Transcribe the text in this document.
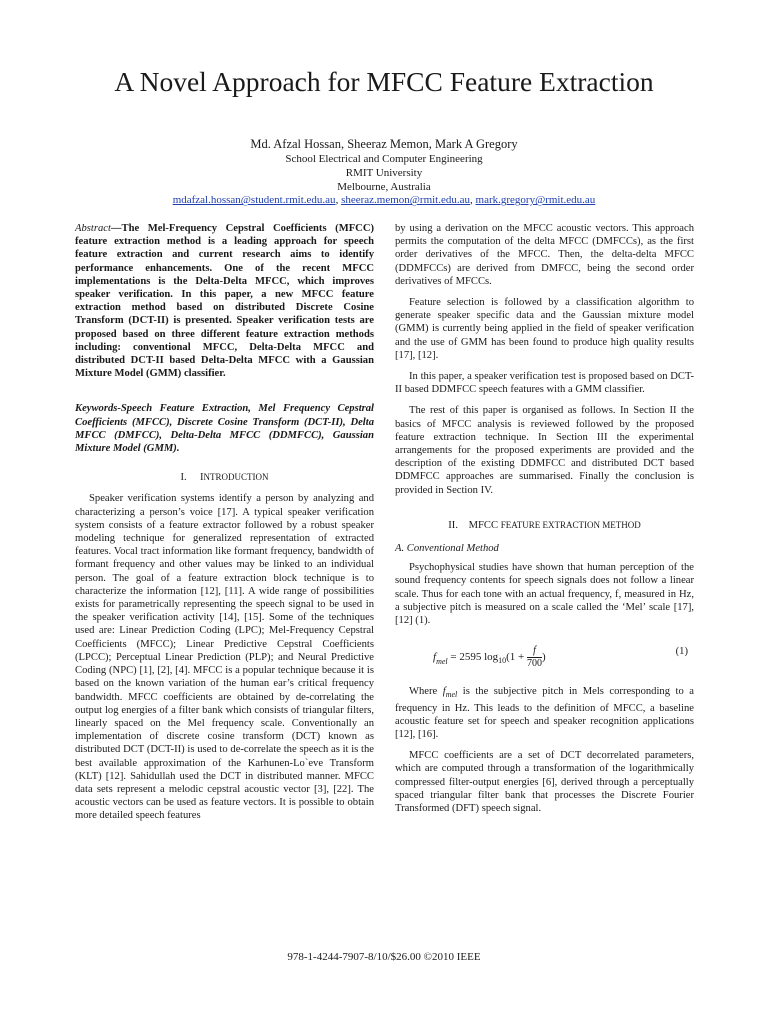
A Novel Approach for MFCC Feature Extraction
Md. Afzal Hossan, Sheeraz Memon, Mark A Gregory
School Electrical and Computer Engineering
RMIT University
Melbourne, Australia
mdafzal.hossan@student.rmit.edu.au, sheeraz.memon@rmit.edu.au, mark.gregory@rmit.edu.au

Abstract—The Mel-Frequency Cepstral Coefficients (MFCC) feature extraction method is a leading approach for speech feature extraction and current research aims to identify performance enhancements. One of the recent MFCC implementations is the Delta-Delta MFCC, which improves speaker verification. In this paper, a new MFCC feature extraction method based on distributed Discrete Cosine Transform (DCT-II) is presented. Speaker verification tests are proposed based on three different feature extraction methods including: conventional MFCC, Delta-Delta MFCC and distributed DCT-II based Delta-Delta MFCC with a Gaussian Mixture Model (GMM) classifier.

Keywords-Speech Feature Extraction, Mel Frequency Cepstral Coefficients (MFCC), Discrete Cosine Transform (DCT-II), Delta MFCC (DMFCC), Delta-Delta MFCC (DDMFCC), Gaussian Mixture Model (GMM).

I. INTRODUCTION

Speaker verification systems identify a person by analyzing and characterizing a person’s voice [17]. A typical speaker verification system consists of a feature extractor followed by a robust speaker modeling technique for generalized representation of extracted features. Vocal tract information like formant frequency, bandwidth of formant frequency and other values may be linked to an individual person. The goal of a feature extraction block technique is to characterize the information [12], [11]. A wide range of possibilities exists for parametrically representing the speech signal to be used in the speaker verification activity [14], [15]. Some of the techniques used are: Linear Prediction Coding (LPC); Mel-Frequency Cepstral Coefficients (MFCC); Linear Predictive Cepstral Coefficients (LPCC); Perceptual Linear Prediction (PLP); and Neural Predictive Coding (NPC) [1], [2], [4]. MFCC is a popular technique because it is based on the known variation of the human ear’s critical frequency bandwidth. MFCC coefficients are obtained by de-correlating the output log energies of a filter bank which consists of triangular filters, linearly spaced on the Mel frequency scale. Conventionally an implementation of discrete cosine transform (DCT) known as distributed DCT (DCT-II) is used to de-correlate the speech as it is the best available approximation of the Karhunen-Lo`eve Transform (KLT) [12]. Sahidullah used the DCT in distributed manner. MFCC data sets represent a melodic cepstral acoustic vector [3], [22]. The acoustic vectors can be used as feature vectors. It is possible to obtain more detailed speech features

by using a derivation on the MFCC acoustic vectors. This approach permits the computation of the delta MFCC (DMFCCs), as the first order derivatives of the MFCC. Then, the delta-delta MFCC (DDMFCCs) are derived from DMFCC, being the second order derivatives of MFCCs.

Feature selection is followed by a classification algorithm to generate speaker specific data and the Gaussian mixture model (GMM) is currently being applied in the field of speaker verification and the use of GMM has been found to produce high quality results [17], [12].

In this paper, a speaker verification test is proposed based on DCT-II based DDMFCC speech features with a GMM classifier.

The rest of this paper is organised as follows. In Section II the basics of MFCC analysis is reviewed followed by the proposed feature extraction technique. In Section III the experimental arrangements for the proposed experiments are provided and the description of the existing DDMFCC and distributed DCT based DDMFCC approaches are summarised. Finally the conclusion is provided in Section IV.

II. MFCC FEATURE EXTRACTION METHOD

A. Conventional Method

Psychophysical studies have shown that human perception of the sound frequency contents for speech signals does not follow a linear scale. Thus for each tone with an actual frequency, f, measured in Hz, a subjective pitch is measured on a scale called the ‘Mel’ scale [17], [12] (1).

$f_{mel} = 2595$ $\log_{10}(1 + \frac{f}{700}$ )	(1)

Where $f_{mel}$ is the subjective pitch in Mels corresponding to a frequency in Hz. This leads to the definition of MFCC, a baseline acoustic feature set for speech and speaker recognition applications [12], [16].

MFCC coefficients are a set of DCT decorrelated parameters, which are computed through a transformation of the logarithmically compressed filter-output energies [6], derived through a perceptually spaced triangular filter bank that processes the Discrete Fourier Transformed (DFT) speech signal.

978-1-4244-7907-8/10/$26.00 ©2010 IEEE
